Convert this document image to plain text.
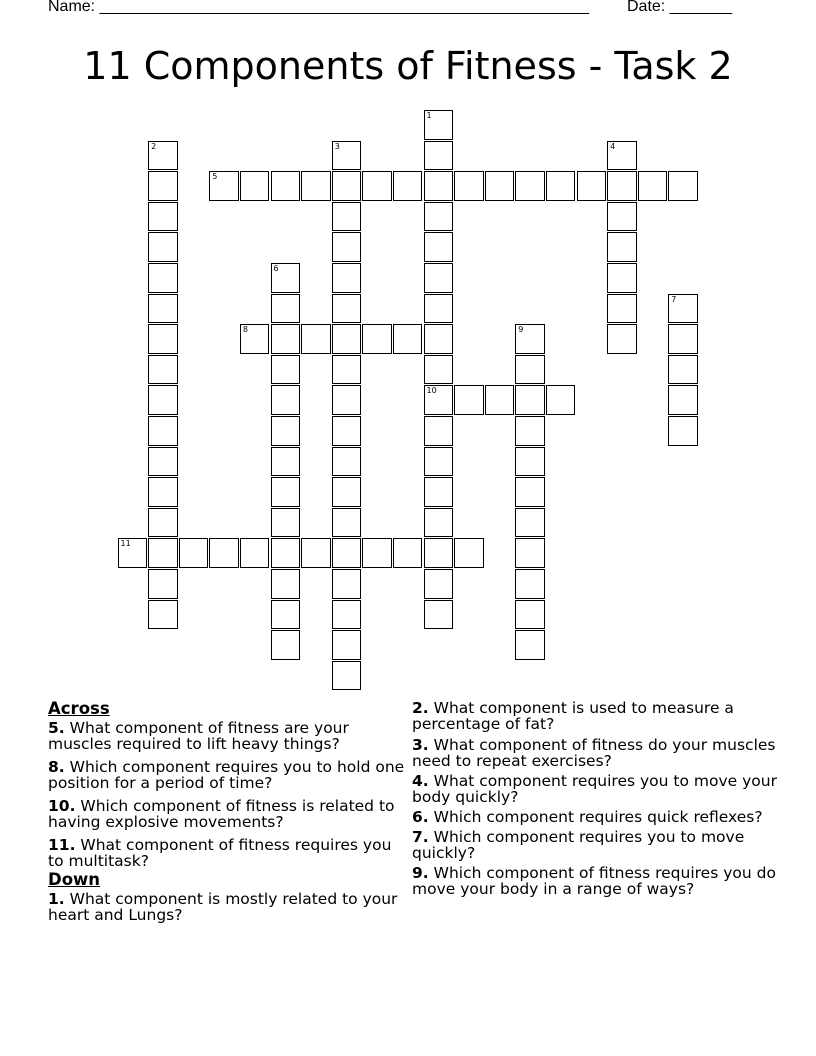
Name: _______________________________________________________ Date: _______
11 Components of Fitness - Task 2
1
10
2	3	4
5
6
7
8	9
11
Across
5. What component of fitness are your muscles required to lift heavy things?
8. Which component requires you to hold one position for a period of time?
10. Which component of fitness is related to having explosive movements?
11. What component of fitness requires you to multitask?
Down
1. What component is mostly related to your heart and Lungs?
2. What component is used to measure a percentage of fat?
3. What component of fitness do your muscles need to repeat exercises?
4. What component requires you to move your body quickly?
6. Which component requires quick reflexes?
7. Which component requires you to move quickly?
9. Which component of fitness requires you do move your body in a range of ways?
